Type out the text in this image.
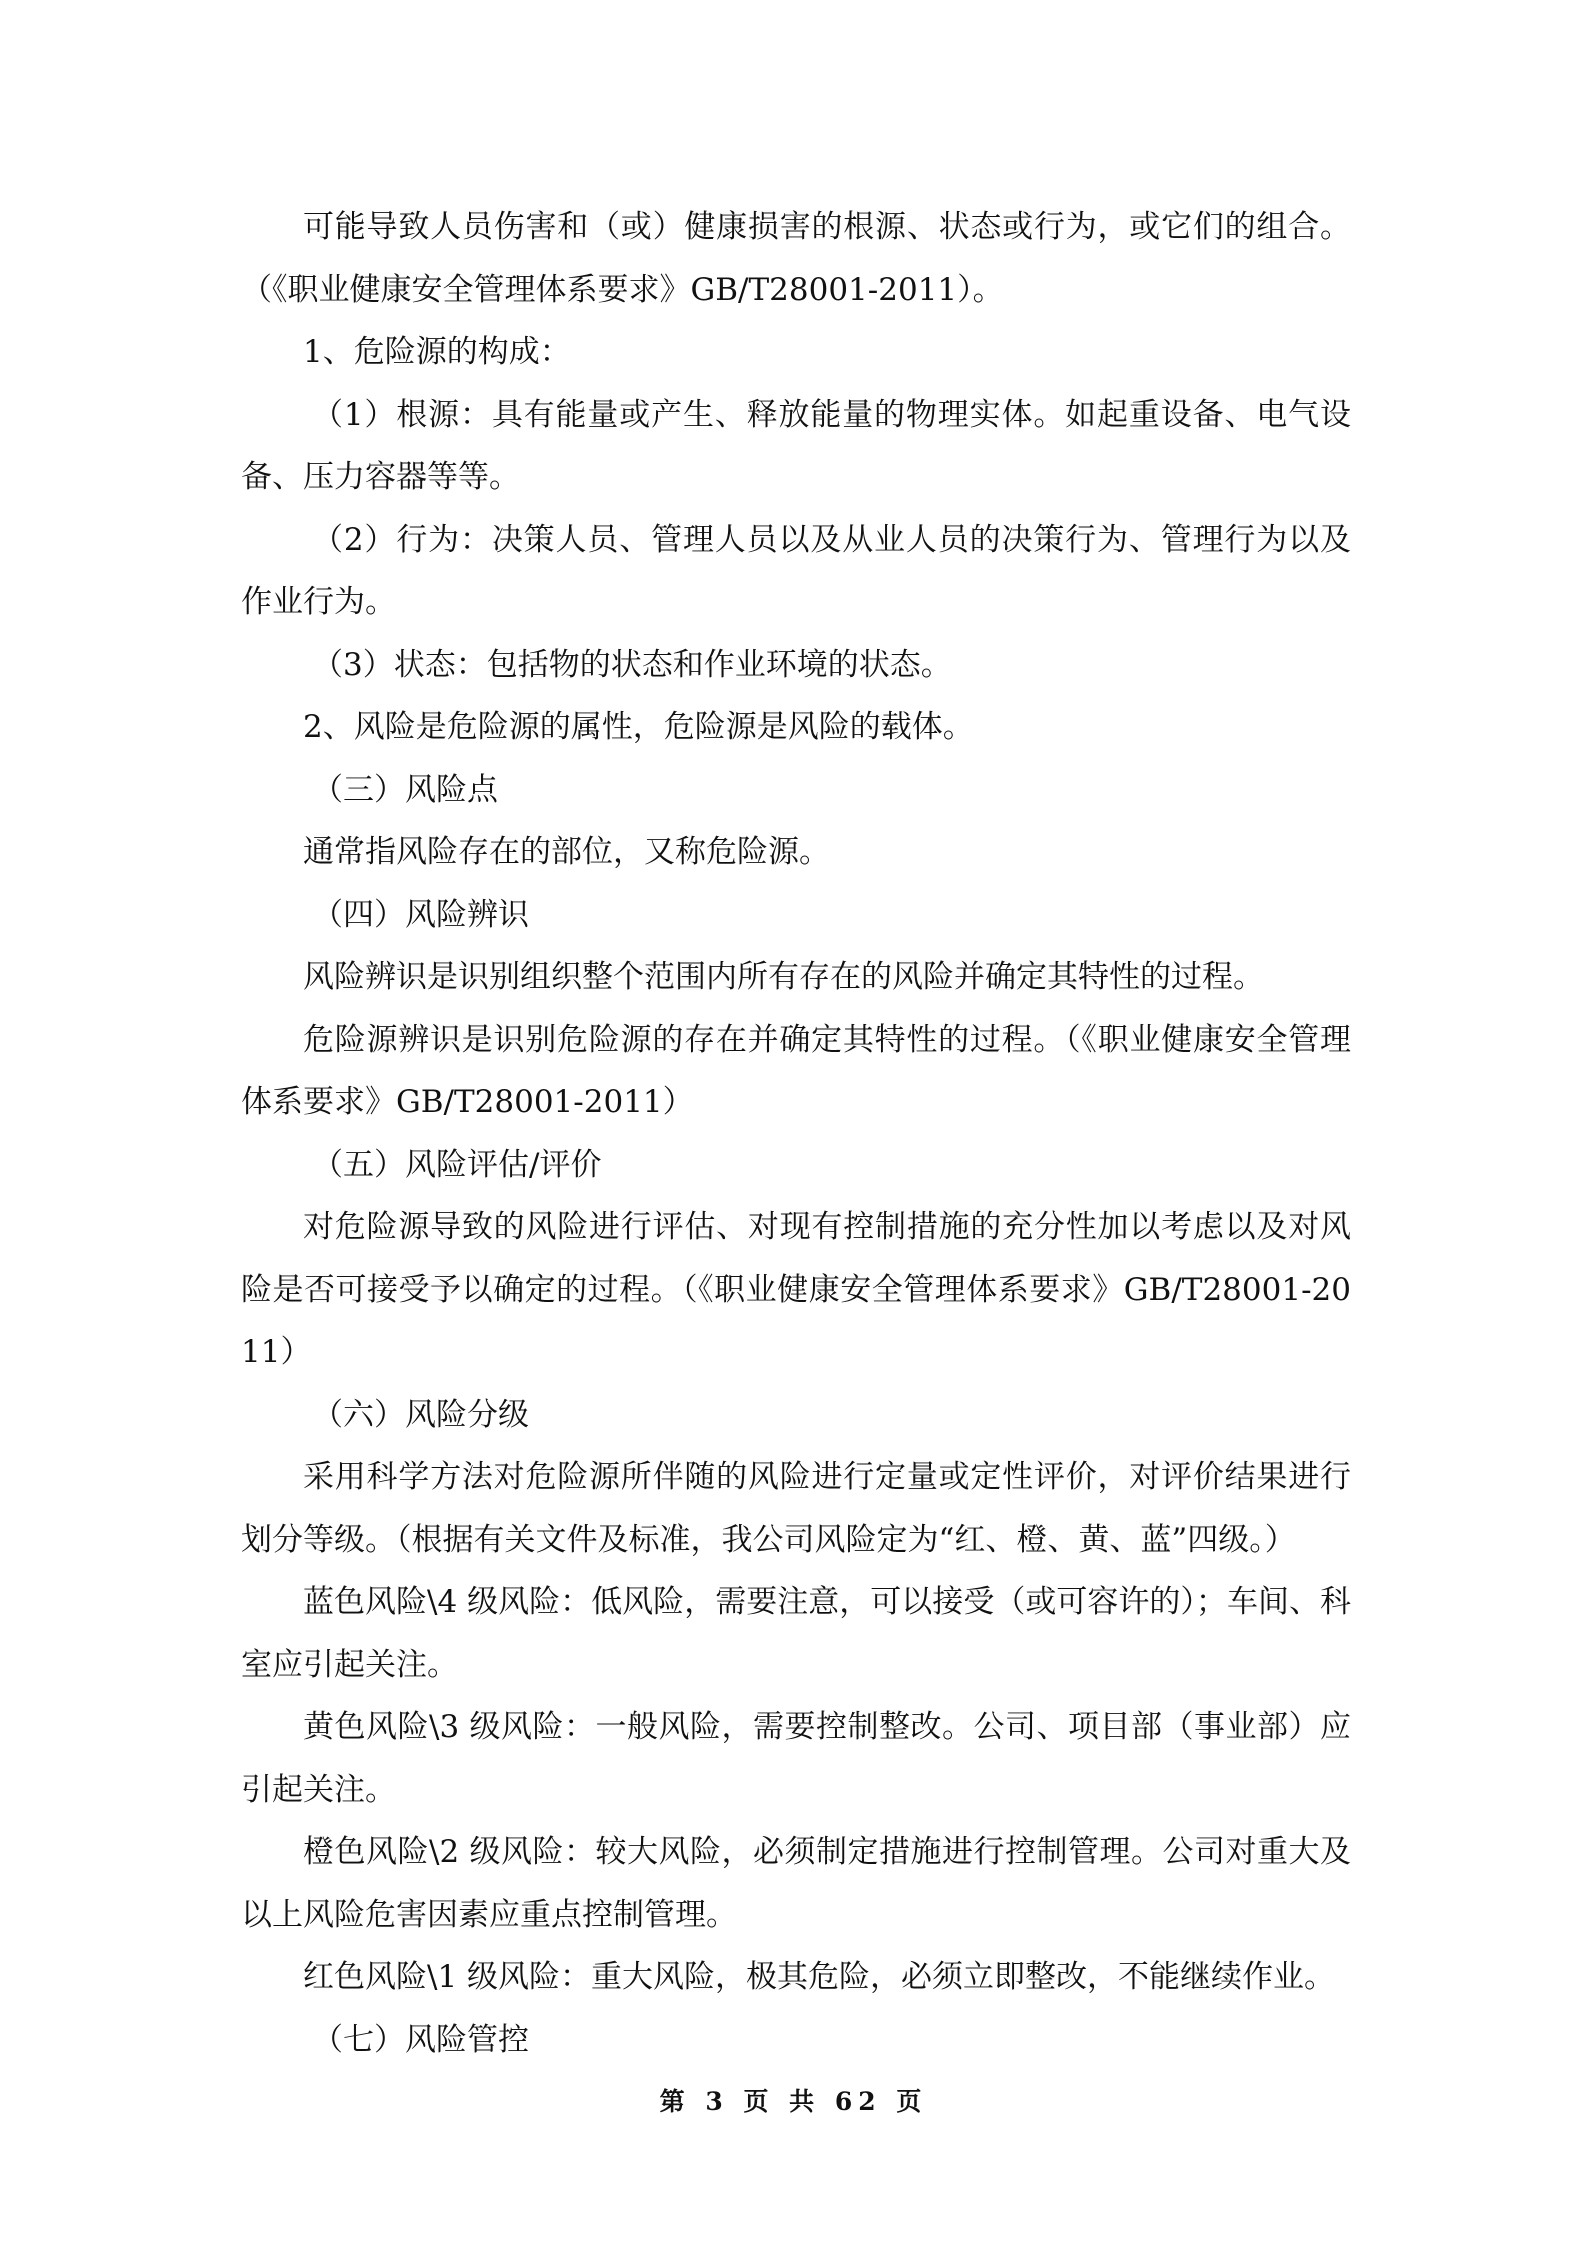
可能导致人员伤害和（或）健康损害的根源、状态或行为，或它们的组合。（《职业健康安全管理体系要求》GB/T28001-2011）。

1、危险源的构成：

（1）根源：具有能量或产生、释放能量的物理实体。如起重设备、电气设备、压力容器等等。

（2）行为：决策人员、管理人员以及从业人员的决策行为、管理行为以及作业行为。

（3）状态：包括物的状态和作业环境的状态。

2、风险是危险源的属性，危险源是风险的载体。

（三）风险点

通常指风险存在的部位，又称危险源。

（四）风险辨识

风险辨识是识别组织整个范围内所有存在的风险并确定其特性的过程。

危险源辨识是识别危险源的存在并确定其特性的过程。（《职业健康安全管理体系要求》GB/T28001-2011）

（五）风险评估/评价

对危险源导致的风险进行评估、对现有控制措施的充分性加以考虑以及对风险是否可接受予以确定的过程。（《职业健康安全管理体系要求》GB/T28001-2011）

（六）风险分级

采用科学方法对危险源所伴随的风险进行定量或定性评价，对评价结果进行划分等级。（根据有关文件及标准，我公司风险定为“红、橙、黄、蓝”四级。）

蓝色风险\4 级风险：低风险，需要注意，可以接受（或可容许的）；车间、科室应引起关注。

黄色风险\3 级风险：一般风险，需要控制整改。公司、项目部（事业部）应引起关注。

橙色风险\2 级风险：较大风险，必须制定措施进行控制管理。公司对重大及以上风险危害因素应重点控制管理。

红色风险\1 级风险：重大风险，极其危险，必须立即整改，不能继续作业。

（七）风险管控

第 3 页 共 62 页
